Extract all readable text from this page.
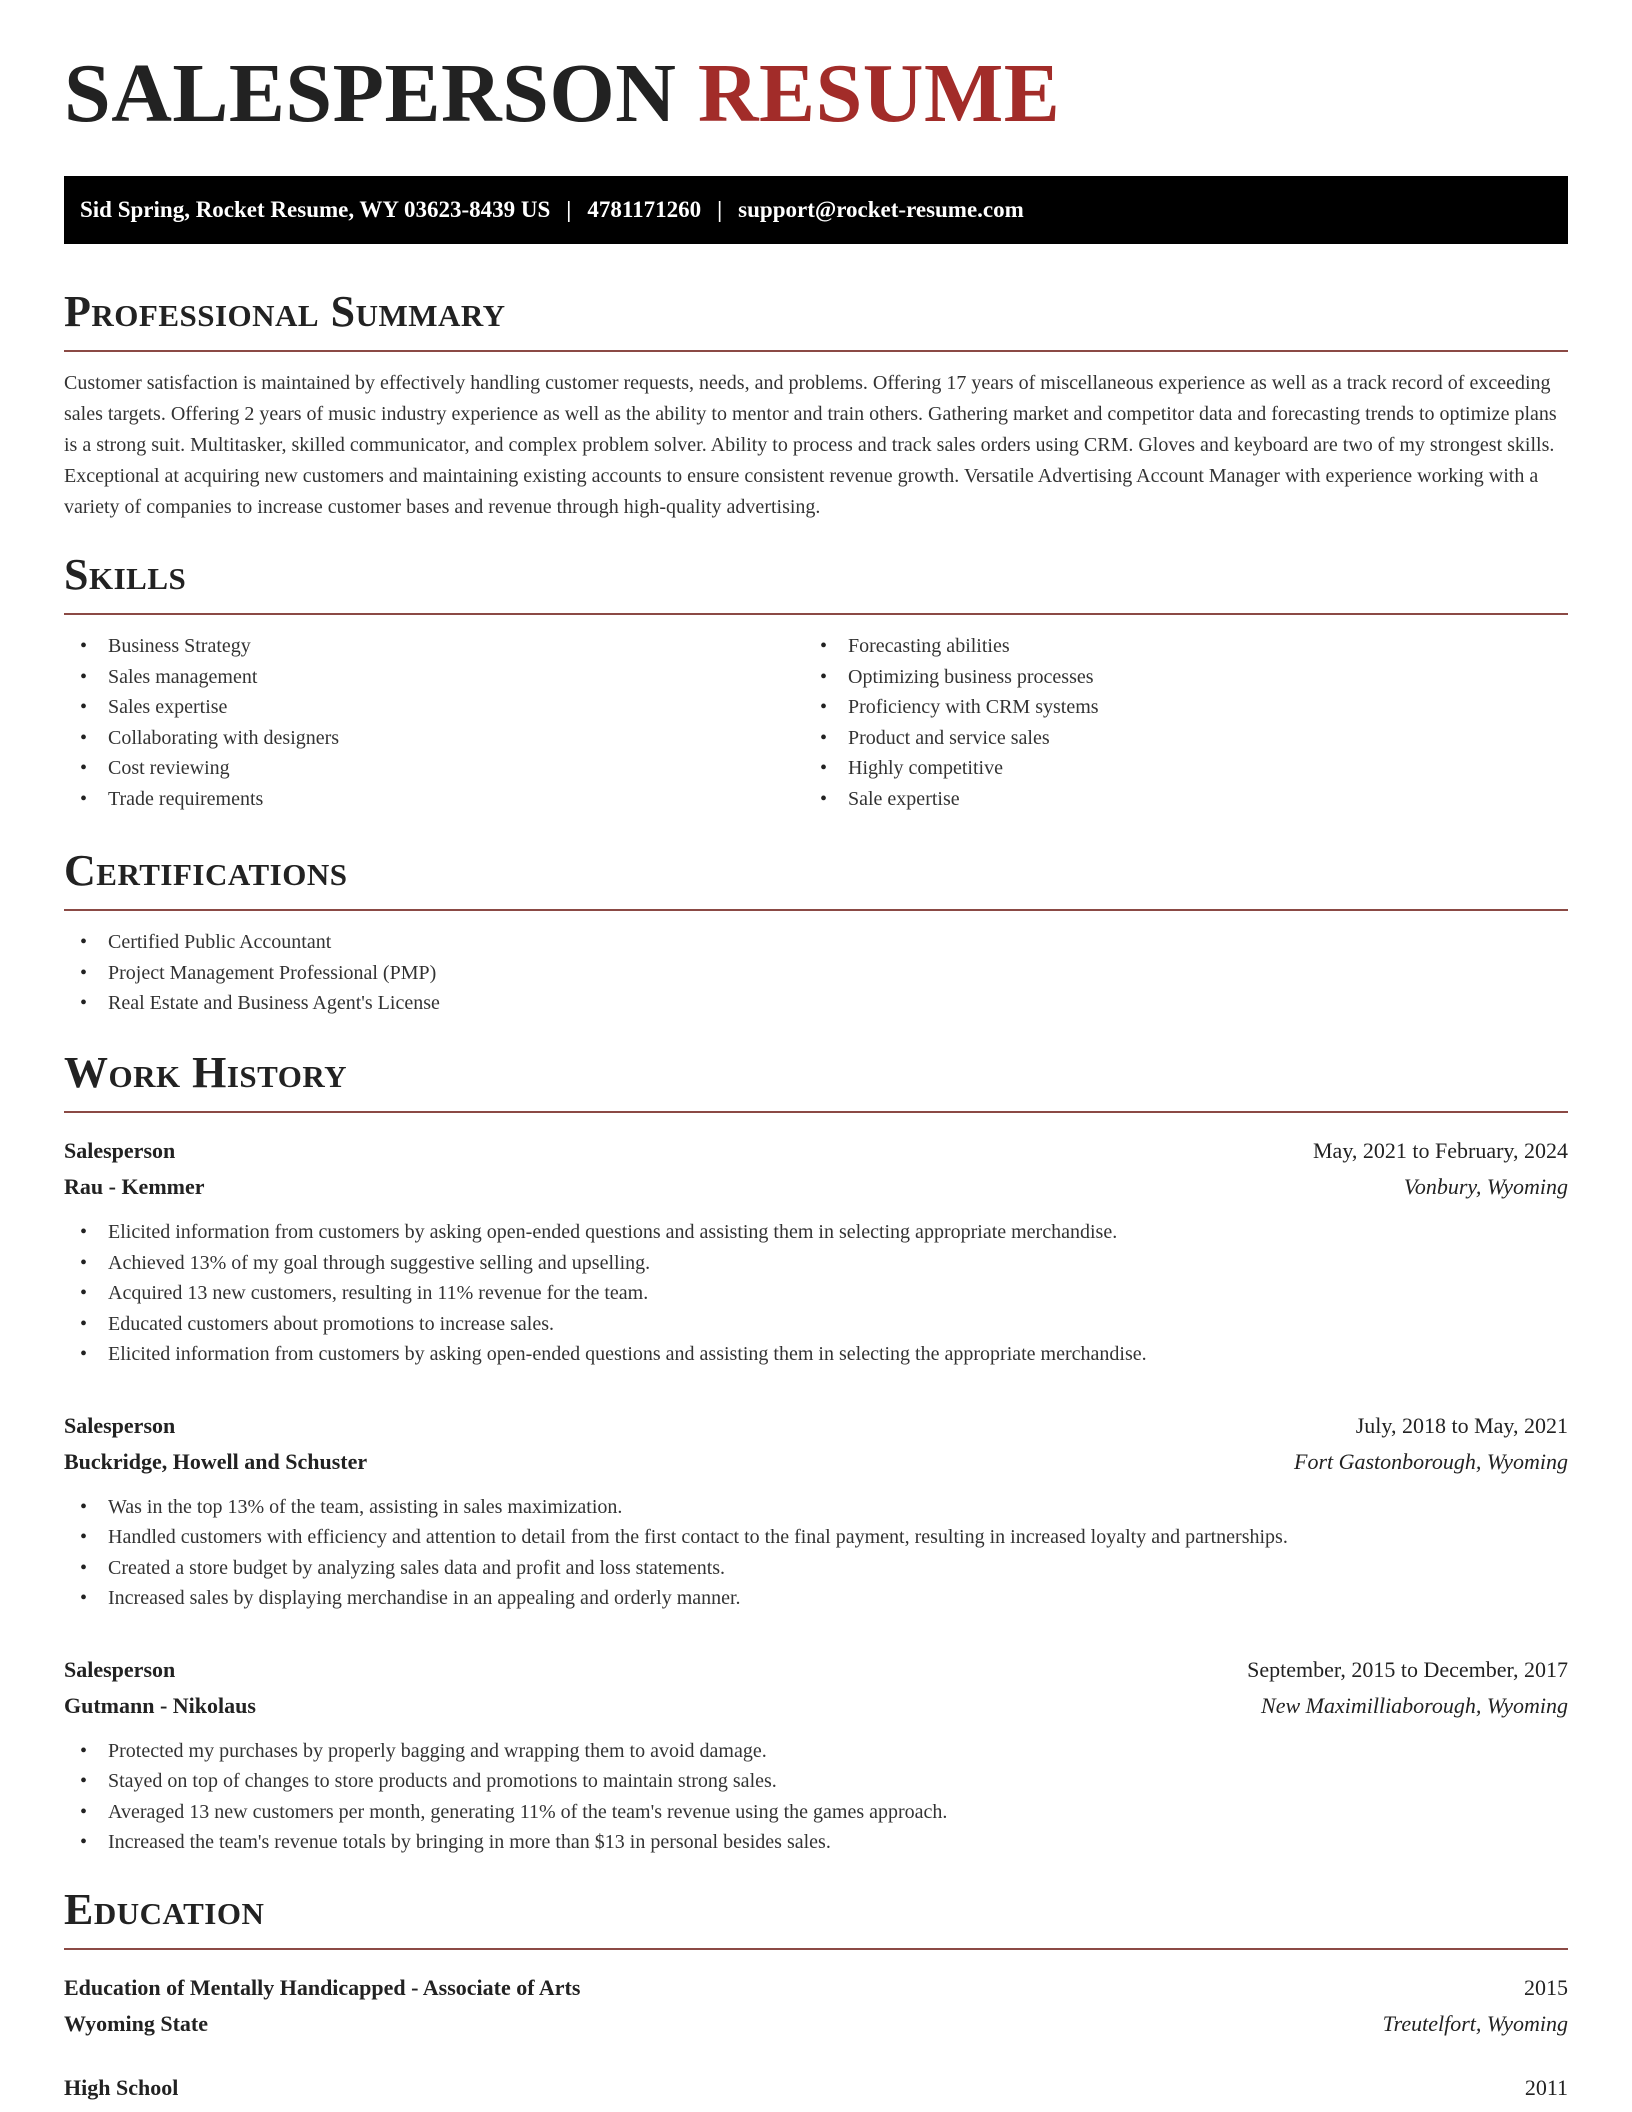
SALESPERSON RESUME
Sid Spring, Rocket Resume, WY 03623-8439 US | 4781171260 | support@rocket-resume.com
Professional Summary

Customer satisfaction is maintained by effectively handling customer requests, needs, and problems. Offering 17 years of miscellaneous experience as well as a track record of exceeding sales targets. Offering 2 years of music industry experience as well as the ability to mentor and train others. Gathering market and competitor data and forecasting trends to optimize plans is a strong suit. Multitasker, skilled communicator, and complex problem solver. Ability to process and track sales orders using CRM. Gloves and keyboard are two of my strongest skills. Exceptional at acquiring new customers and maintaining existing accounts to ensure consistent revenue growth. Versatile Advertising Account Manager with experience working with a variety of companies to increase customer bases and revenue through high-quality advertising.

Skills
• Business Strategy
• Sales management
• Sales expertise
• Collaborating with designers
• Cost reviewing
• Trade requirements
• Forecasting abilities
• Optimizing business processes
• Proficiency with CRM systems
• Product and service sales
• Highly competitive
• Sale expertise
Certifications
• Certified Public Accountant
• Project Management Professional (PMP)
• Real Estate and Business Agent's License
Work History
Salesperson	May, 2021 to February, 2024
Rau - Kemmer	Vonbury, Wyoming
• Elicited information from customers by asking open-ended questions and assisting them in selecting appropriate merchandise.
• Achieved 13% of my goal through suggestive selling and upselling.
• Acquired 13 new customers, resulting in 11% revenue for the team.
• Educated customers about promotions to increase sales.
• Elicited information from customers by asking open-ended questions and assisting them in selecting the appropriate merchandise.
Salesperson	July, 2018 to May, 2021
Buckridge, Howell and Schuster	Fort Gastonborough, Wyoming
• Was in the top 13% of the team, assisting in sales maximization.
• Handled customers with efficiency and attention to detail from the first contact to the final payment, resulting in increased loyalty and partnerships.
• Created a store budget by analyzing sales data and profit and loss statements.
• Increased sales by displaying merchandise in an appealing and orderly manner.
Salesperson	September, 2015 to December, 2017
Gutmann - Nikolaus	New Maximilliaborough, Wyoming
• Protected my purchases by properly bagging and wrapping them to avoid damage.
• Stayed on top of changes to store products and promotions to maintain strong sales.
• Averaged 13 new customers per month, generating 11% of the team's revenue using the games approach.
• Increased the team's revenue totals by bringing in more than $13 in personal besides sales.
Education
Education of Mentally Handicapped - Associate of Arts	2015
Wyoming State	Treutelfort, Wyoming
High School	2011
